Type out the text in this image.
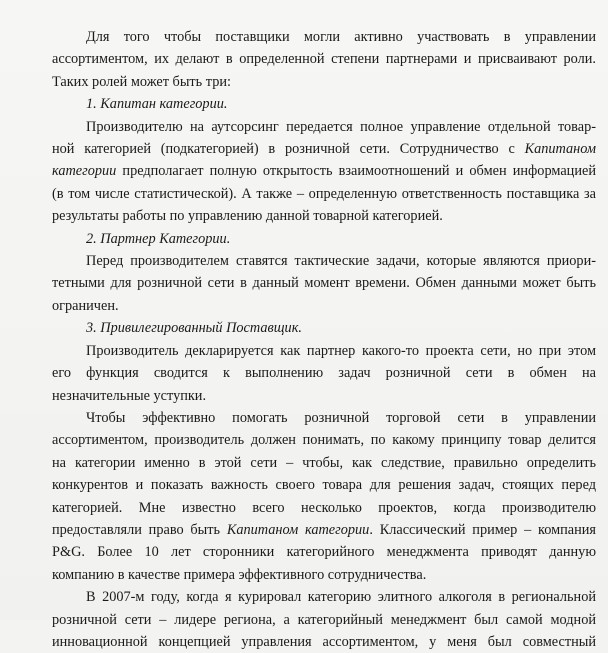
Для того чтобы поставщики могли активно участвовать в управлении
ассортиментом, их делают в определенной степени партнерами и присваивают роли.
Таких ролей может быть три:

1. Капитан категории.

Производителю на аутсорсинг передается полное управление отдельной товар-
ной категорией (подкатегорией) в розничной сети. Сотрудничество с Капитаном
категории предполагает полную открытость взаимоотношений и обмен информацией
(в том числе статистической). А также – определенную ответственность поставщика за
результаты работы по управлению данной товарной категорией.

2. Партнер Категории.

Перед производителем ставятся тактические задачи, которые являются приори-
тетными для розничной сети в данный момент времени. Обмен данными может быть
ограничен.

3. Привилегированный Поставщик.

Производитель декларируется как партнер какого-то проекта сети, но при этом
его функция сводится к выполнению задач розничной сети в обмен на
незначительные уступки.

Чтобы эффективно помогать розничной торговой сети в управлении
ассортиментом, производитель должен понимать, по какому принципу товар делится
на категории именно в этой сети – чтобы, как следствие, правильно определить
конкурентов и показать важность своего товара для решения задач, стоящих перед
категорией. Мне известно всего несколько проектов, когда производителю
предоставляли право быть Капитаном категории. Классический пример – компания
P&G. Более 10 лет сторонники категорийного менеджмента приводят данную
компанию в качестве примера эффективного сотрудничества.

В 2007-м году, когда я курировал категорию элитного алкоголя в региональной
розничной сети – лидере региона, а категорийный менеджмент был самой модной
инновационной концепцией управления ассортиментом, у меня был совместный
